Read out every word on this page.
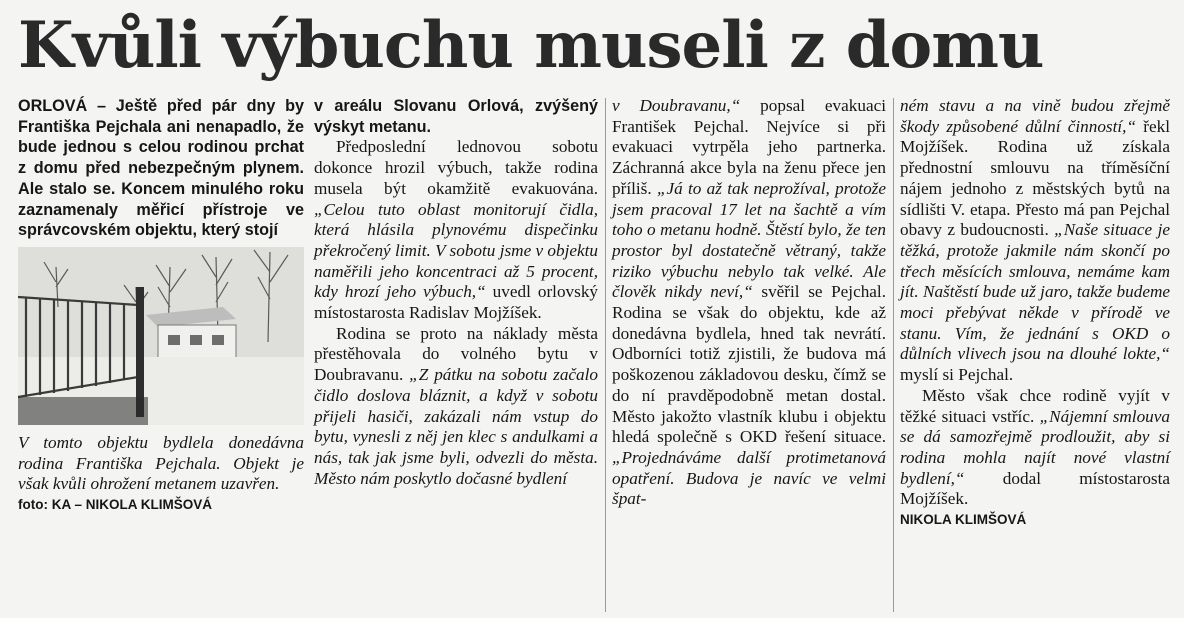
Kvůli výbuchu museli z domu

ORLOVÁ – Ještě před pár dny by Františka Pejchala ani nenapadlo, že bude jednou s celou rodinou prchat z domu před nebezpečným plynem. Ale stalo se. Koncem minulého roku zaznamenaly měřicí přístroje ve správcovském objektu, který stojí

V tomto objektu bydlela donedávna rodina Františka Pejchala. Objekt je však kvůli ohrožení metanem uzavřen.

foto: KA – NIKOLA KLIMŠOVÁ

v areálu Slovanu Orlová, zvýšený výskyt metanu.

Předposlední lednovou sobotu dokonce hrozil výbuch, takže rodina musela být okamžitě evakuována. „Celou tuto oblast monitorují čidla, která hlásila plynovému dispečinku překročený limit. V sobotu jsme v objektu naměřili jeho koncentraci až 5 procent, kdy hrozí jeho výbuch,“ uvedl orlovský místostarosta Radislav Mojžíšek.

Rodina se proto na náklady města přestěhovala do volného bytu v Doubravanu. „Z pátku na sobotu začalo čidlo doslova bláznit, a když v sobotu přijeli hasiči, zakázali nám vstup do bytu, vynesli z něj jen klec s andulkami a nás, tak jak jsme byli, odvezli do města. Město nám poskytlo dočasné bydlení

v Doubravanu,“ popsal evakuaci František Pejchal. Nejvíce si při evakuaci vytrpěla jeho partnerka. Záchranná akce byla na ženu přece jen příliš. „Já to až tak neprožíval, protože jsem pracoval 17 let na šachtě a vím toho o metanu hodně. Štěstí bylo, že ten prostor byl dostatečně větraný, takže riziko výbuchu nebylo tak velké. Ale člověk nikdy neví,“ svěřil se Pejchal. Rodina se však do objektu, kde až donedávna bydlela, hned tak nevrátí. Odborníci totiž zjistili, že budova má poškozenou základovou desku, čímž se do ní pravděpodobně metan dostal. Město jakožto vlastník klubu i objektu hledá společně s OKD řešení situace. „Projednáváme další protimetanová opatření. Budova je navíc ve velmi špat-

ném stavu a na vině budou zřejmě škody způsobené důlní činností,“ řekl Mojžíšek. Rodina už získala přednostní smlouvu na tříměsíční nájem jednoho z městských bytů na sídlišti V. etapa. Přesto má pan Pejchal obavy z budoucnosti. „Naše situace je těžká, protože jakmile nám skončí po třech měsících smlouva, nemáme kam jít. Naštěstí bude už jaro, takže budeme moci přebývat někde v přírodě ve stanu. Vím, že jednání s OKD o důlních vlivech jsou na dlouhé lokte,“ myslí si Pejchal.

Město však chce rodině vyjít v těžké situaci vstříc. „Nájemní smlouva se dá samozřejmě prodloužit, aby si rodina mohla najít nové vlastní bydlení,“ dodal místostarosta Mojžíšek.

NIKOLA KLIMŠOVÁ
